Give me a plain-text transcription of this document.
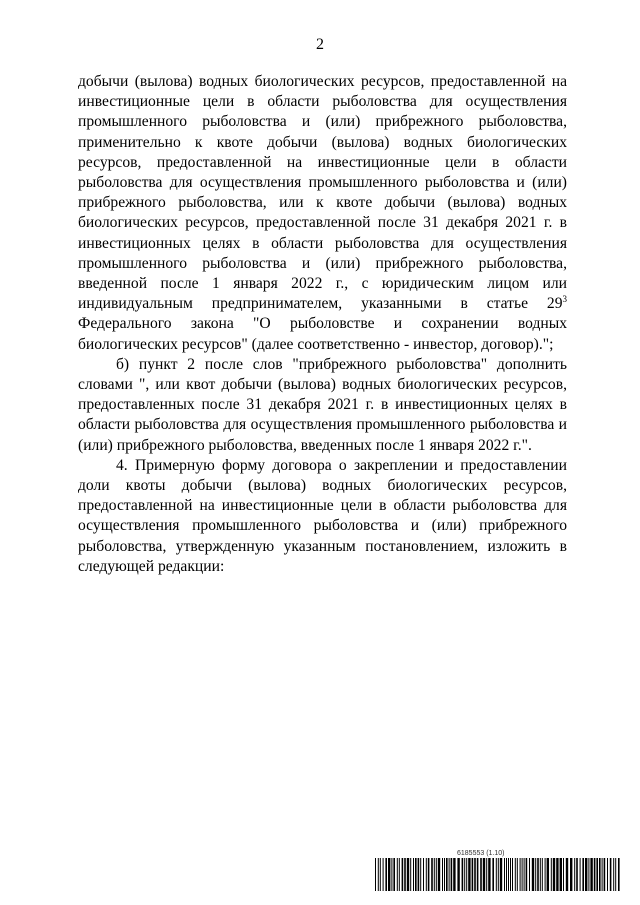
2

добычи (вылова) водных биологических ресурсов, предоставленной на инвестиционные цели в области рыболовства для осуществления промышленного рыболовства и (или) прибрежного рыболовства, применительно к квоте добычи (вылова) водных биологических ресурсов, предоставленной на инвестиционные цели в области рыболовства для осуществления промышленного рыболовства и (или) прибрежного рыболовства, или к квоте добычи (вылова) водных биологических ресурсов, предоставленной после 31 декабря 2021 г. в инвестиционных целях в области рыболовства для осуществления промышленного рыболовства и (или) прибрежного рыболовства, введенной после 1 января 2022 г., с юридическим лицом или индивидуальным предпринимателем, указанными в статье $29^3$ Федерального закона "О рыболовстве и сохранении водных биологических ресурсов" (далее соответственно - инвестор, договор).";

б) пункт 2 после слов "прибрежного рыболовства" дополнить словами ", или квот добычи (вылова) водных биологических ресурсов, предоставленных после 31 декабря 2021 г. в инвестиционных целях в области рыболовства для осуществления промышленного рыболовства и (или) прибрежного рыболовства, введенных после 1 января 2022 г.".

4. Примерную форму договора о закреплении и предоставлении доли квоты добычи (вылова) водных биологических ресурсов, предоставленной на инвестиционные цели в области рыболовства для осуществления промышленного рыболовства и (или) прибрежного рыболовства, утвержденную указанным постановлением, изложить в следующей редакции:

6185553 (1.10)
